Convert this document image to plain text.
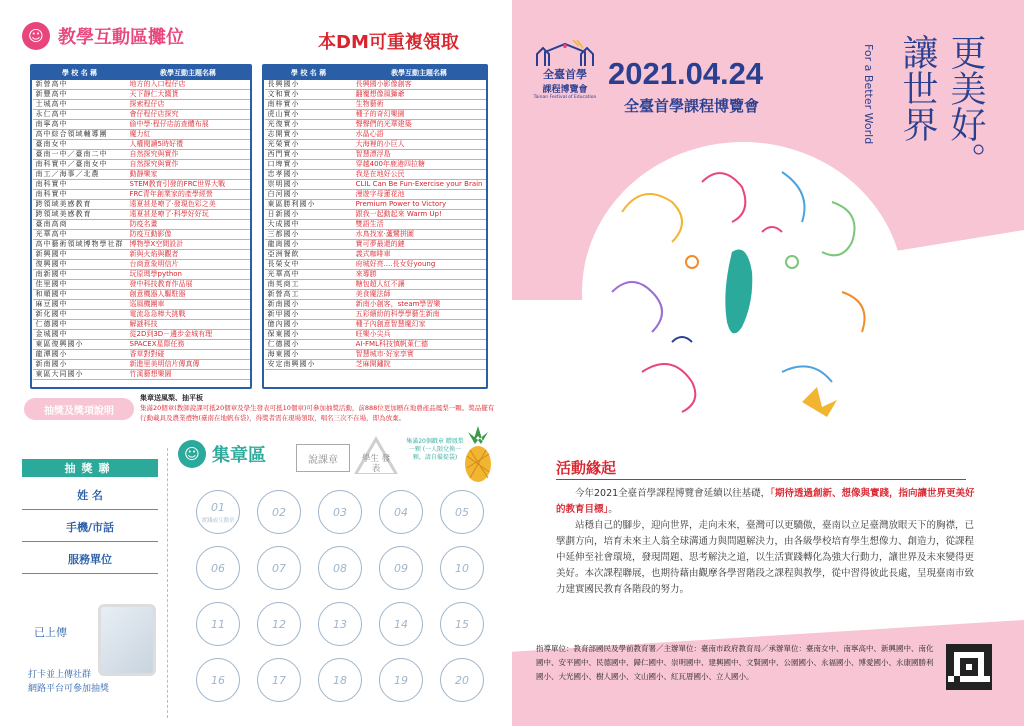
☺ 教學互動區攤位	本DM可重複領取
學 校 名 稱	教學互動主題名稱
新營高中	地方的入口程仔店
新豐高中	天下靜仁大醬貨
土城高中	探索程仔店
永仁高中	會仔程仔店探究
南寧高中	偷中學‧程仔店訪查體布展
高中綜合領域輔導團	魔力紅
臺南女中	人權閱讀5時好禮
臺南一中／臺南二中	自然探究與實作
南科實中／臺南女中	自然探究與實作
南工／海事／北農	動靜樂家
南科實中	STEM教育引發的FRC世界大戰
南科實中	FRC青年創業家的產學經營
跨領域美感教育	遠夏甚是嘹了‧發現色彩之美
跨領域美感教育	遠夏甚是嘹了‧科學好好玩
臺南高商	防疫名畫
光華高中	防疫互動影像
高中藝術領域博物學社群	博物學X空間設計
新興國中	新與火焰與觀者
復興國中	台商意象明信片
南新國中	玩原瑪學python
佳里國中	發中科技教育作品展
和順國中	創意機器人驅駐器
麻豆國中	巡風機團車
新化國中	電流急急棒大挑戰
仁德國中	解謎科技
金城國中	從2D到3D－邊步金城有理
東區復興國小	SPACEX星際任務
龍潭國小	香草對對碰
新南國小	新進里美明信片傳真傳
東區大同國小	竹溪藝想樂園
學 校 名 稱	教學互動主題名稱
長興國小	長興國小影像創客
文和實小	翻覆想像風獅爺
南梓實小	生物藝術
虎山實小	種子的奇幻樂園
光復實小	聲聲們的光華建築
志開實小	水晶心語
光榮實小	大海裡的小巨人
西門實小	智慧漂浮島
口埤實小	穿越400年鹿港四拉糖
忠孝國小	我是在地好公民
崇明國小	CLIL Can Be Fun-Exercise your Brain
白河國小	漫遊字母蓮花池
東區勝利國小	Premium Power to Victory
日新國小	跟我一起動起來 Warm Up!
大成國中	雙語生活
三都國小	水鳥找家‧蘆鷺拼圖
龍崗國小	寶可夢最還的鏈
亞洲餐飲	義式咖啡車
長榮女中	府城好亮....長女好young
光華高中	來導勝
南英商工	糖包超人紅不讓
新營高工	美食魔法師
新南國小	新南小創客，steam學習樂
新甲國小	五彩繽紛的科學學藝生新南
億內國小	種子內創意智慧魔幻家
保東國小	旺樂小尖兵
仁德國小	AI-FML科技慎帆萊仁德
海東國小	智慧城市‧好家享實
安定南興國小	芝麻開鏽院
抽獎及獎項說明
集章送風梨、抽平板
集滿20個章(教師說課可抵20個章及學生發表可抵10個章)可參加抽獎活動，前888位更加贈在地農產品鳳梨一顆。獎品擺有行動載具及農業禮物(臺南在地帆布袋)，得獎者需在現場領取，唱名三次不在場，即為放棄。
抽獎聯
姓 名
手機/市話
服務單位
已上傳
打卡並上傳社群
網路平台可參加抽獎
☺ 集章區	說課章	學生 發表
集滿20個戳章 贈鳳梨一顆 (一人限兌換一顆，請自備提袋)
01
實踐或互動章
02	03	04	05
06	07	08	09	10
11	12	13	14	15
16	17	18	19	20
全臺首學
課程博覽會
Tainan Festival of Education
2021.04.24
全臺首學課程博覽會	For a Better World 讓世界 更美好。
活動緣起

今年2021全臺首學課程博覽會延續以往基礎，「期待透過創新、想像與實踐，指向讓世界更美好的教育目標」。

站穩自己的腳步，迎向世界，走向未來，臺灣可以更驕傲，臺南以立足臺灣放眼天下的胸襟，已擘劃方向，培育未來主人翁全球溝通力與問題解決力，由各級學校培育學生想像力、創造力，從課程中延伸至社會環境，發現問題、思考解決之道，以生活實踐轉化為強大行動力，讓世界及未來變得更美好。本次課程聯展，也期待藉由觀摩各學習階段之課程與教學，從中習得彼此長處，呈現臺南市致力建實國民教育各階段的努力。

指導單位：教育部國民及學前教育署／主辦單位：臺南市政府教育局／承辦單位：臺南女中、南寧高中、新興國中、南化國中、安平國中、民德國中、歸仁國中、崇明國中、建興國中、文賢國中、公園國小、永福國小、博愛國小、永康國勝利國小、大光國小、樹人國小、文山國小、紅瓦厝國小、立人國小。
